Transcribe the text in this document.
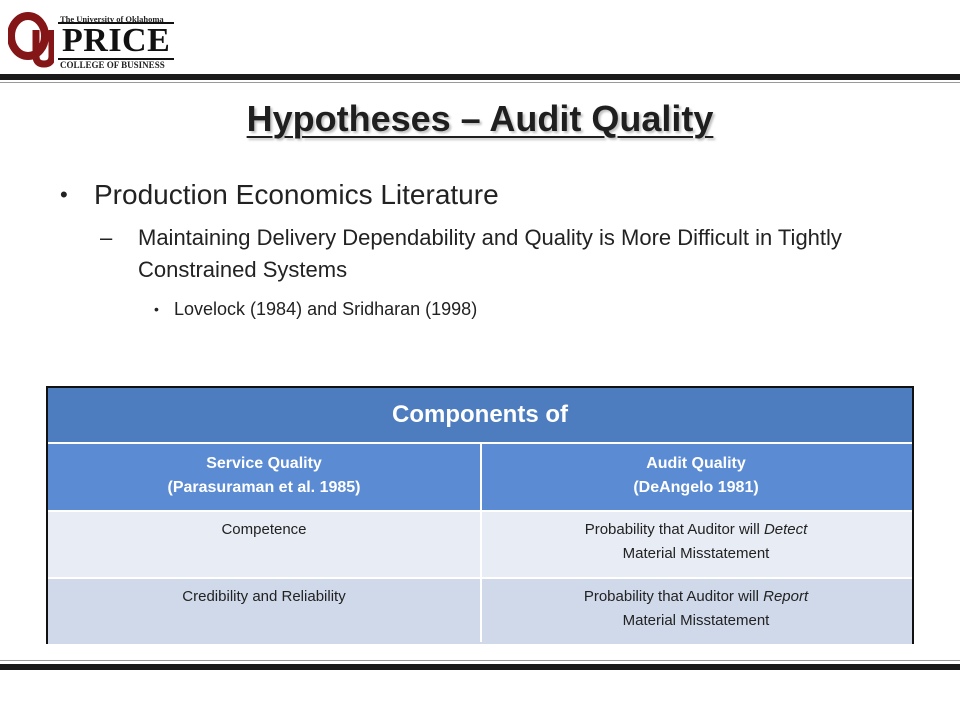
The University of Oklahoma
PRICE
COLLEGE OF BUSINESS
Hypotheses – Audit Quality
• Production Economics Literature
– Maintaining Delivery Dependability and Quality is More Difficult in Tightly Constrained Systems
• Lovelock (1984) and Sridharan (1998)
Components of
Service Quality
(Parasuraman et al. 1985)
Audit Quality
(DeAngelo 1981)
Competence	Probability that Auditor will Detect
Material Misstatement
Credibility and Reliability	Probability that Auditor will Report
Material Misstatement
